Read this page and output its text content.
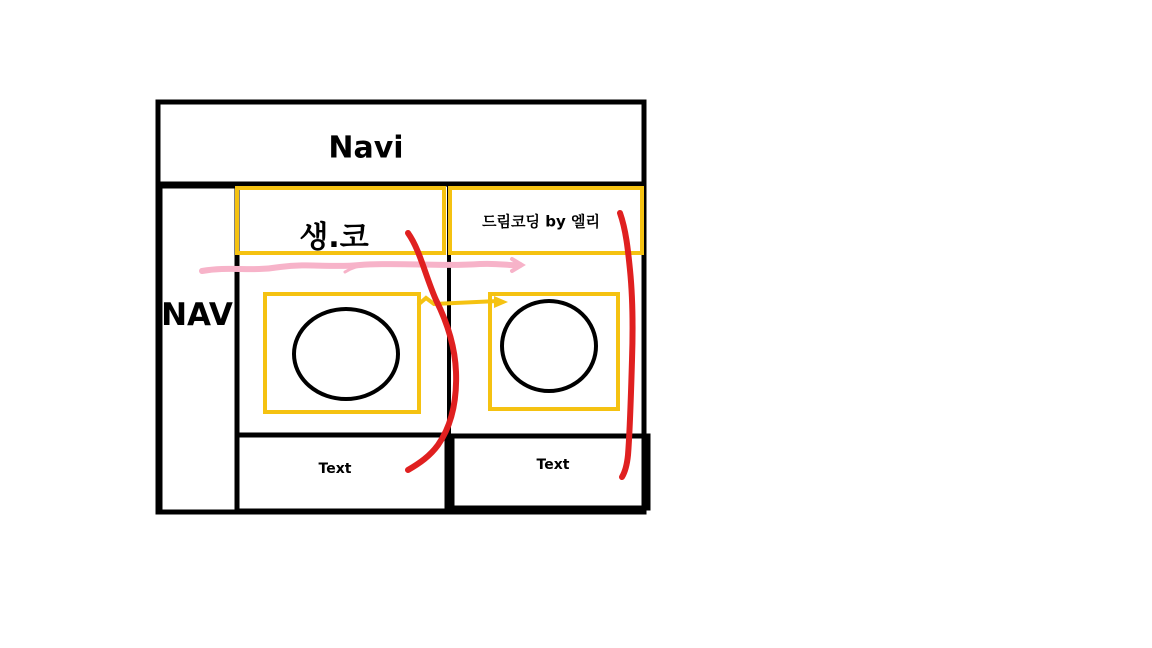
Navi
NAV
생.코	드림코딩 by 엘리
Text	Text
